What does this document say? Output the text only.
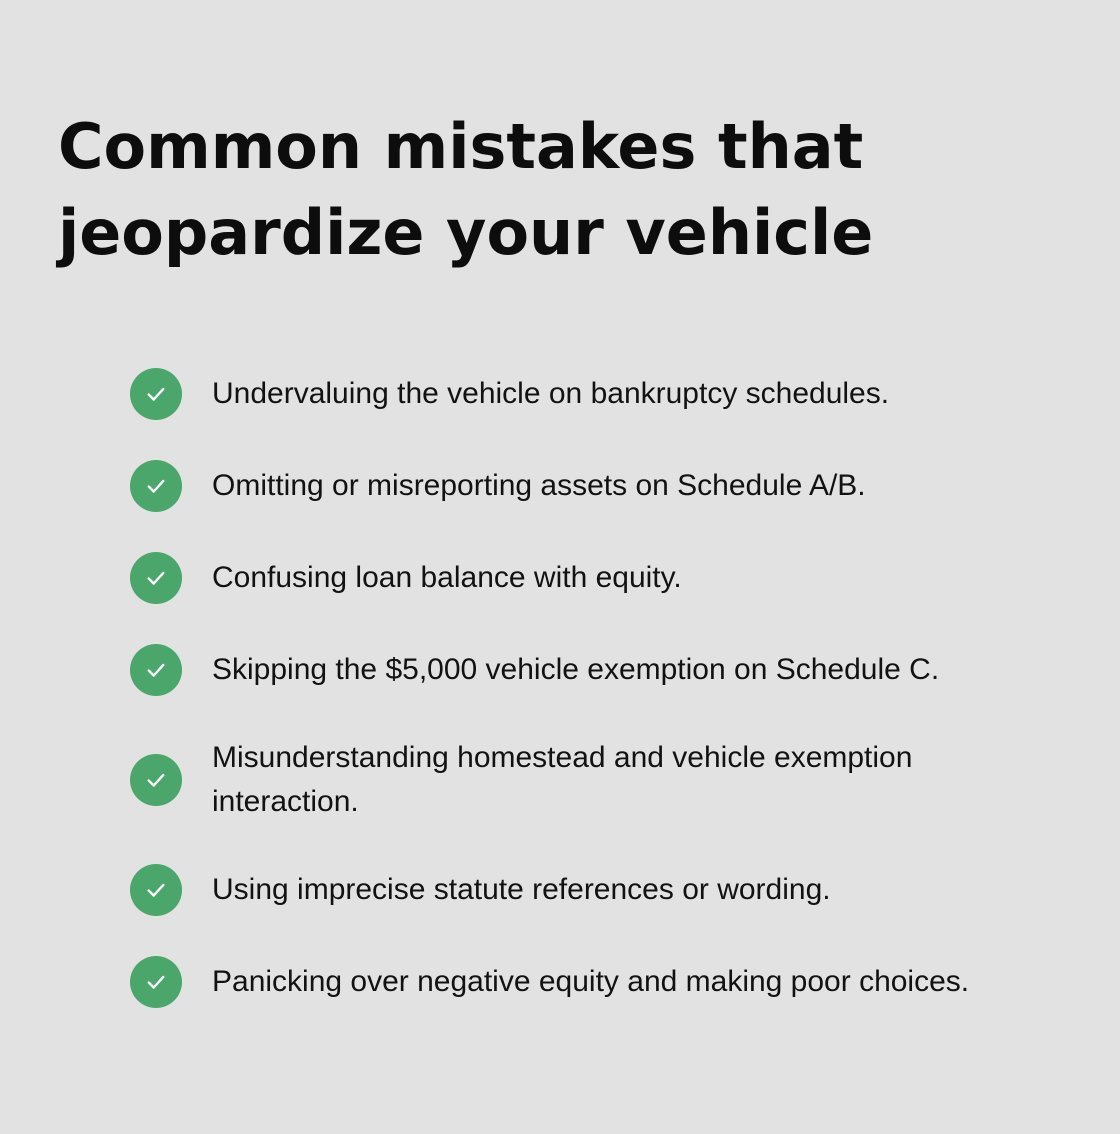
Common mistakes that
jeopardize your vehicle
Undervaluing the vehicle on bankruptcy schedules.
Omitting or misreporting assets on Schedule A/B.
Confusing loan balance with equity.
Skipping the $5,000 vehicle exemption on Schedule C.
Misunderstanding homestead and vehicle exemption interaction.
Using imprecise statute references or wording.
Panicking over negative equity and making poor choices.
